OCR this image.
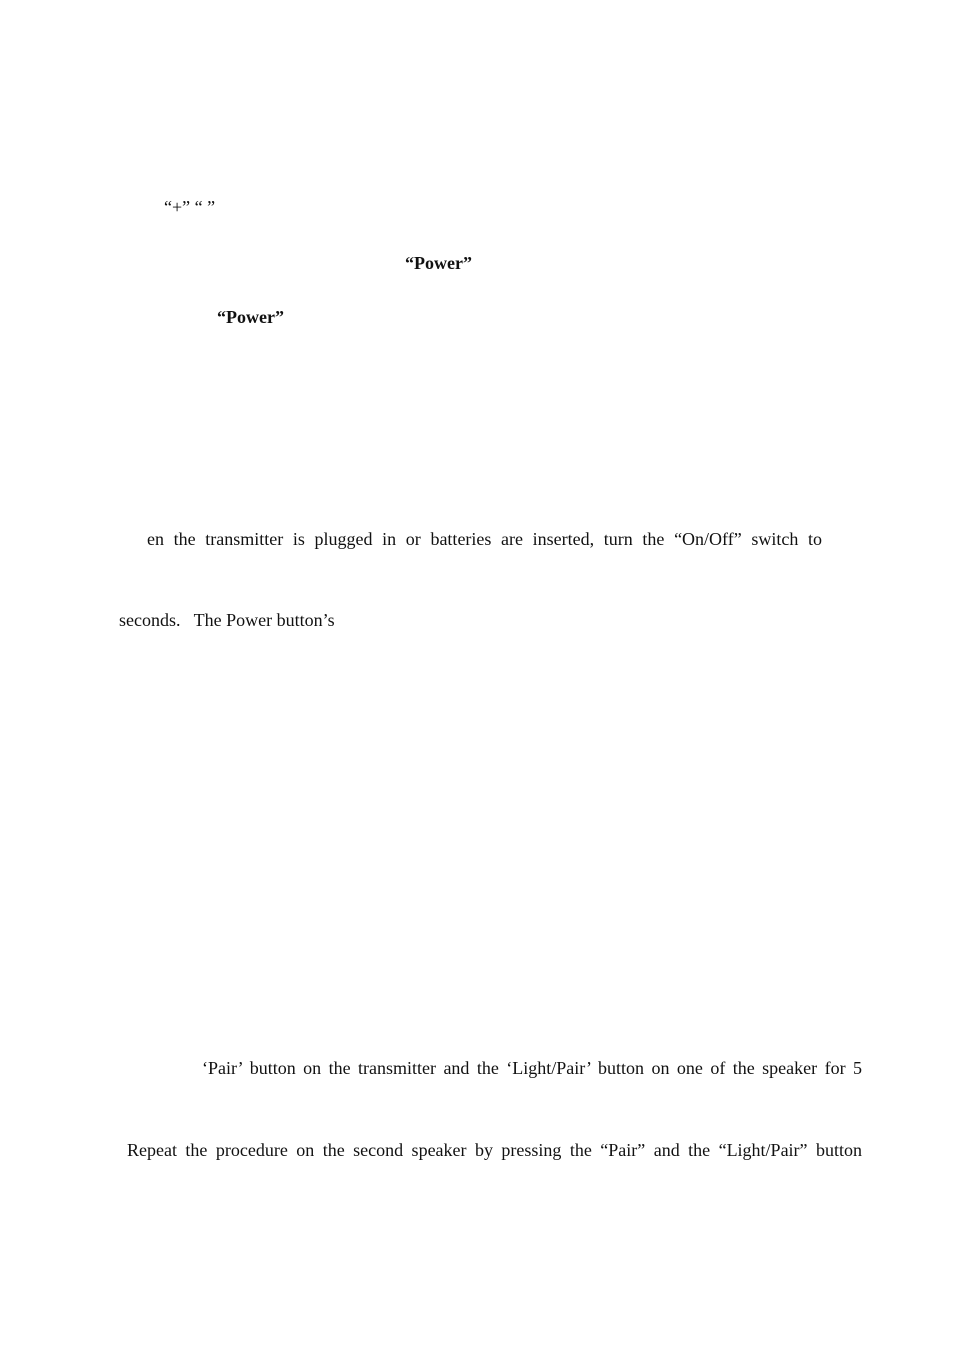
“+” “ ”
“Power”
“Power”
en the transmitter is plugged in or batteries are inserted, turn the “On/Off” switch to
seconds.   The Power button’s
‘Pair’ button on the transmitter and the ‘Light/Pair’ button on one of the speaker for 5
Repeat the procedure on the second speaker by pressing the “Pair” and the “Light/Pair” button
